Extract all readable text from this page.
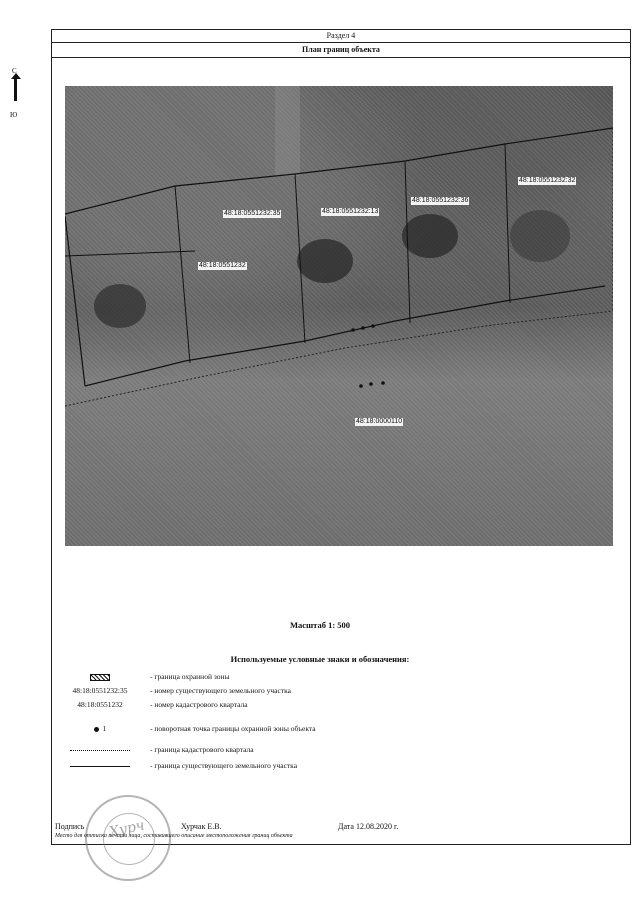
Раздел 4
План границ объекта
С
Ю
48:18:0551232:35	48:18:0551232:13
48:18:0551232:36
48:18:0551232:32
48:18:0551232
48:18:0000110
Масштаб 1: 500
Используемые условные знаки и обозначения:
- граница охранной зоны
48:18:0551232:35	- номер существующего земельного участка
48:18:0551232	- номер кадастрового квартала
1	- поворотная точка границы охранной зоны объекта
- граница кадастрового квартала
- граница существующего земельного участка
Хурч
Подпись	Хурчак Е.В.	Дата 12.08.2020 г.
Место для оттиска печати лица, составившего описание местоположения границ объекта
